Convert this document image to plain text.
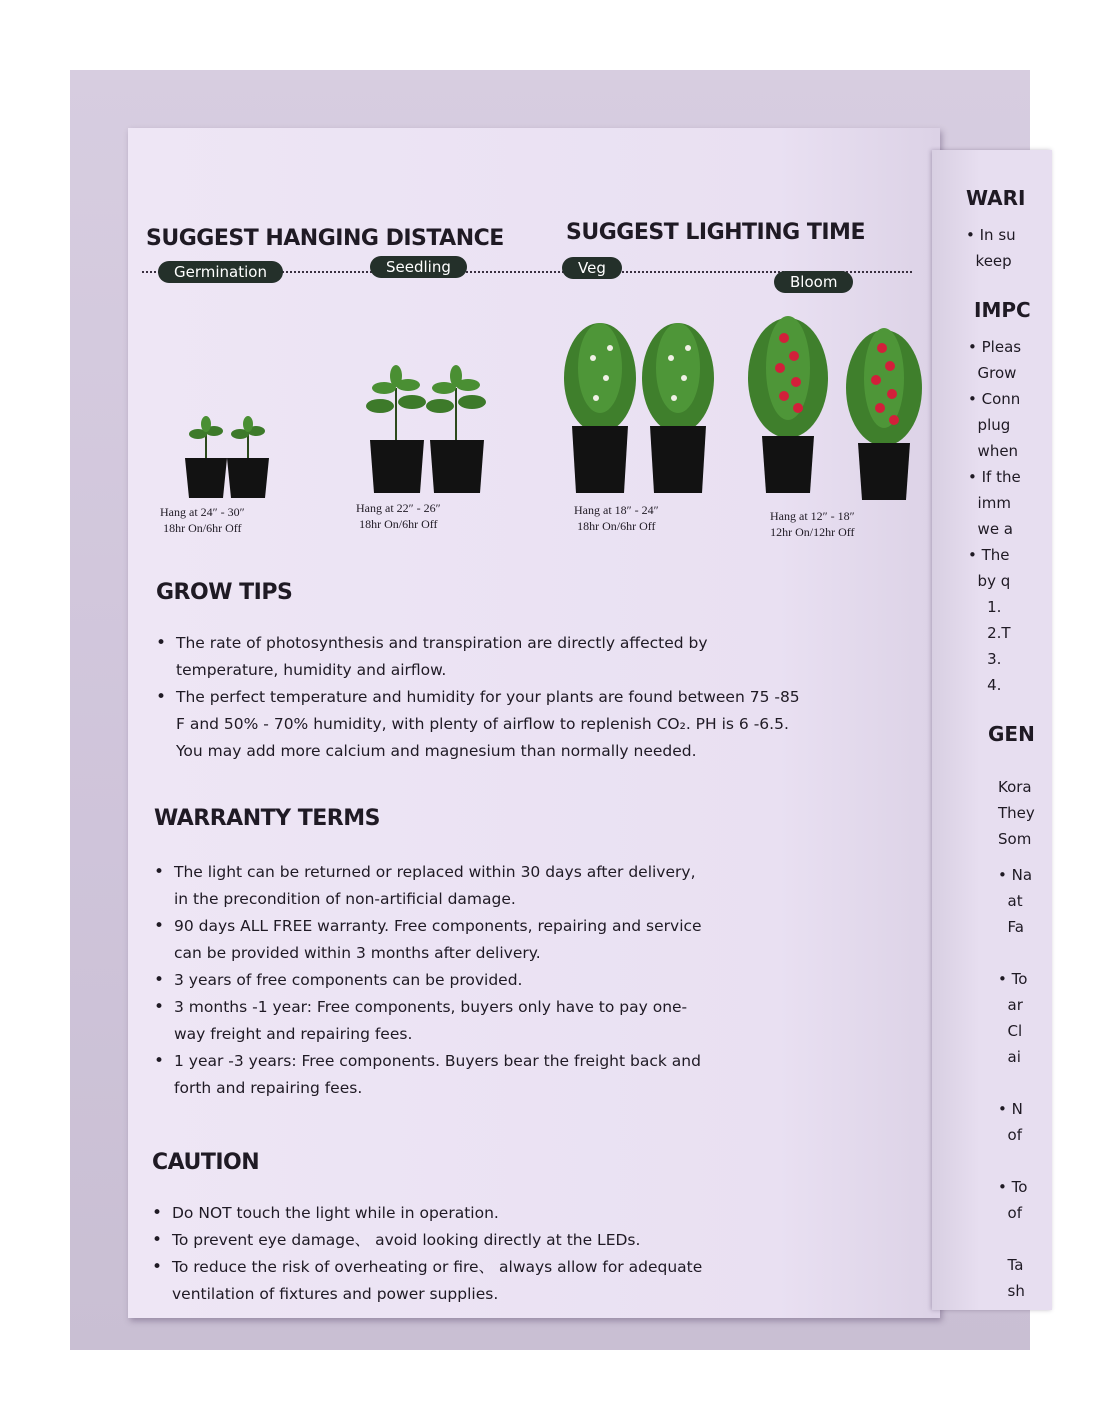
SUGGEST HANGING DISTANCE	SUGGEST LIGHTING TIME
Germination	Seedling	Veg
Bloom
Hang at 24″ - 30″
18hr On/6hr Off
Hang at 22″ - 26″
18hr On/6hr Off
Hang at 18″ - 24″
18hr On/6hr Off
Hang at 12″ - 18″
12hr On/12hr Off
GROW TIPS
• The rate of photosynthesis and transpiration are directly affected by temperature, humidity and airflow.
• The perfect temperature and humidity for your plants are found between 75 -85 F and 50% - 70% humidity, with plenty of airflow to replenish CO₂. PH is 6 -6.5. You may add more calcium and magnesium than normally needed.
WARRANTY TERMS
• The light can be returned or replaced within 30 days after delivery, in the precondition of non-artificial damage.
• 90 days ALL FREE warranty. Free components, repairing and service can be provided within 3 months after delivery.
• 3 years of free components can be provided.
• 3 months -1 year: Free components, buyers only have to pay one-way freight and repairing fees.
• 1 year -3 years: Free components. Buyers bear the freight back and forth and repairing fees.
CAUTION
• Do NOT touch the light while in operation.
• To prevent eye damage、 avoid looking directly at the LEDs.
• To reduce the risk of overheating or fire、 always allow for adequate ventilation of fixtures and power supplies.
WARI
• In su
keep
IMPC
• Pleas
Grow
• Conn
plug
when
• If the
imm
we a
• The
by q
1.
2.T
3.
4.
GEN
Kora
They
Som
• Na
at
Fa

• To
ar
Cl
ai

• N
of

• To
of

Ta
sh
